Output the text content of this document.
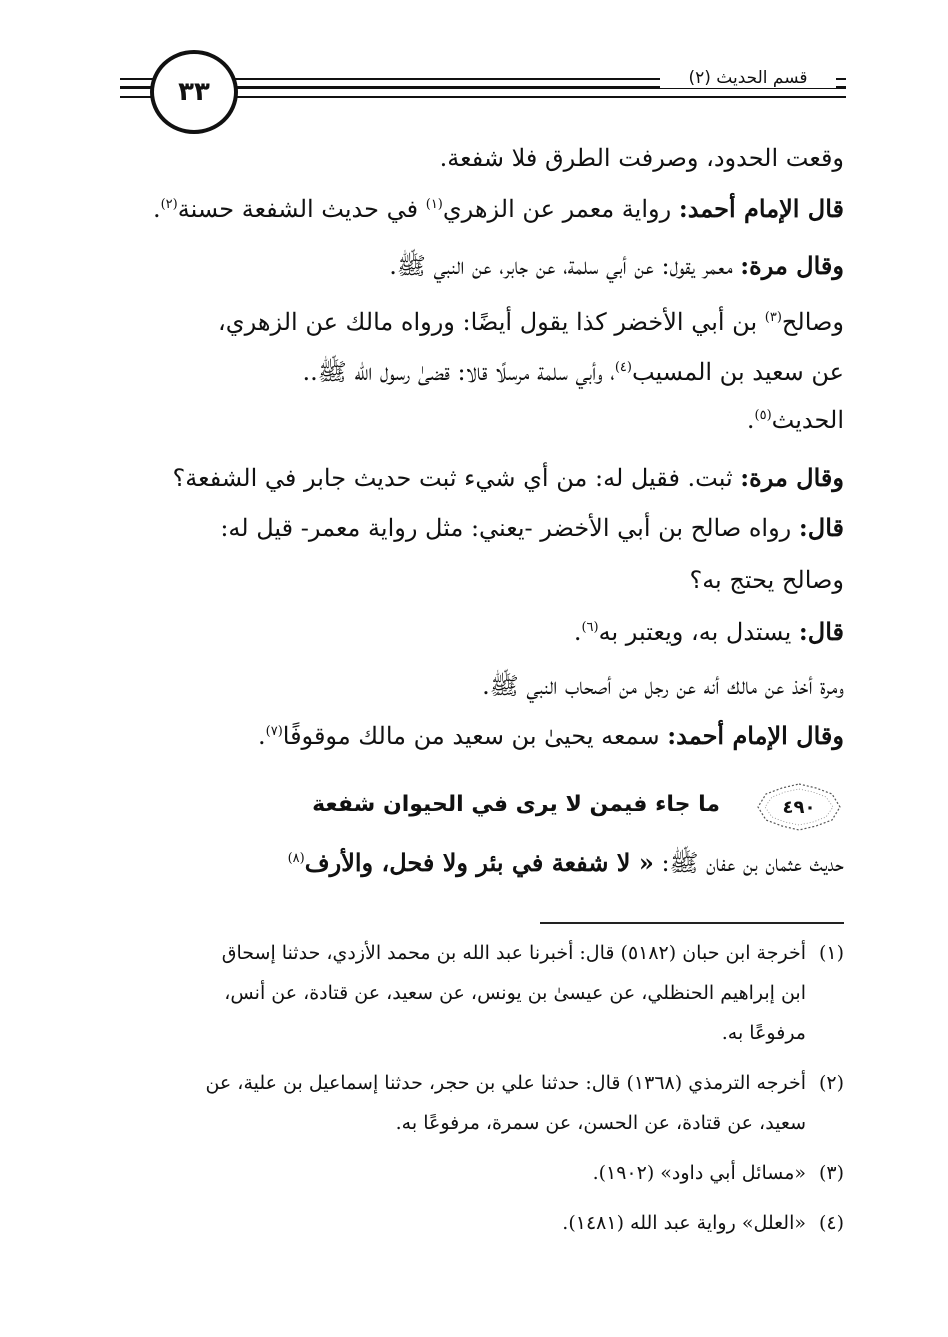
قسم الحديث (٢)
٣٣
وقعت الحدود، وصرفت الطرق فلا شفعة.
قال الإمام أحمد: رواية معمر عن الزهري$^{(١)}$ في حديث الشفعة حسنة$^{(٢)}$.
وقال مرة: معمر يقول: عن أبي سلمة، عن جابر، عن النبي ﷺ.
وصالح$^{(٣)}$ بن أبي الأخضر كذا يقول أيضًا: ورواه مالك عن الزهري،
عن سعيد بن المسيب$^{(٤)}$، وأبي سلمة مرسلًا قالا: قضىٰ رسول الله ﷺ..
الحديث$^{(٥)}$.
وقال مرة: ثبت. فقيل له: من أي شيء ثبت حديث جابر في الشفعة؟
قال: رواه صالح بن أبي الأخضر -يعني: مثل رواية معمر- قيل له:
وصالح يحتج به؟
قال: يستدل به، ويعتبر به$^{(٦)}$.
ومرة أخذ عن مالك أنه عن رجل من أصحاب النبي ﷺ.
وقال الإمام أحمد: سمعه يحيىٰ بن سعيد من مالك موقوفًا$^{(٧)}$.
٤٩٠
ما جاء فيمن لا يرى في الحيوان شفعة
حديث عثمان بن عفان ﷺ: « لا شفعة في بئر ولا فحل، والأرف$^{(٨)}$
(١)أخرجة ابن حبان (٥١٨٢) قال: أخبرنا عبد الله بن محمد الأزدي، حدثنا إسحاق
ابن إبراهيم الحنظلي، عن عيسىٰ بن يونس، عن سعيد، عن قتادة، عن أنس،
مرفوعًا به.
(٢)أخرجه الترمذي (١٣٦٨) قال: حدثنا علي بن حجر، حدثنا إسماعيل بن علية، عن
سعيد، عن قتادة، عن الحسن، عن سمرة، مرفوعًا به.
(٣)«مسائل أبي داود» (١٩٠٢).
(٤)«العلل» رواية عبد الله (١٤٨١).
